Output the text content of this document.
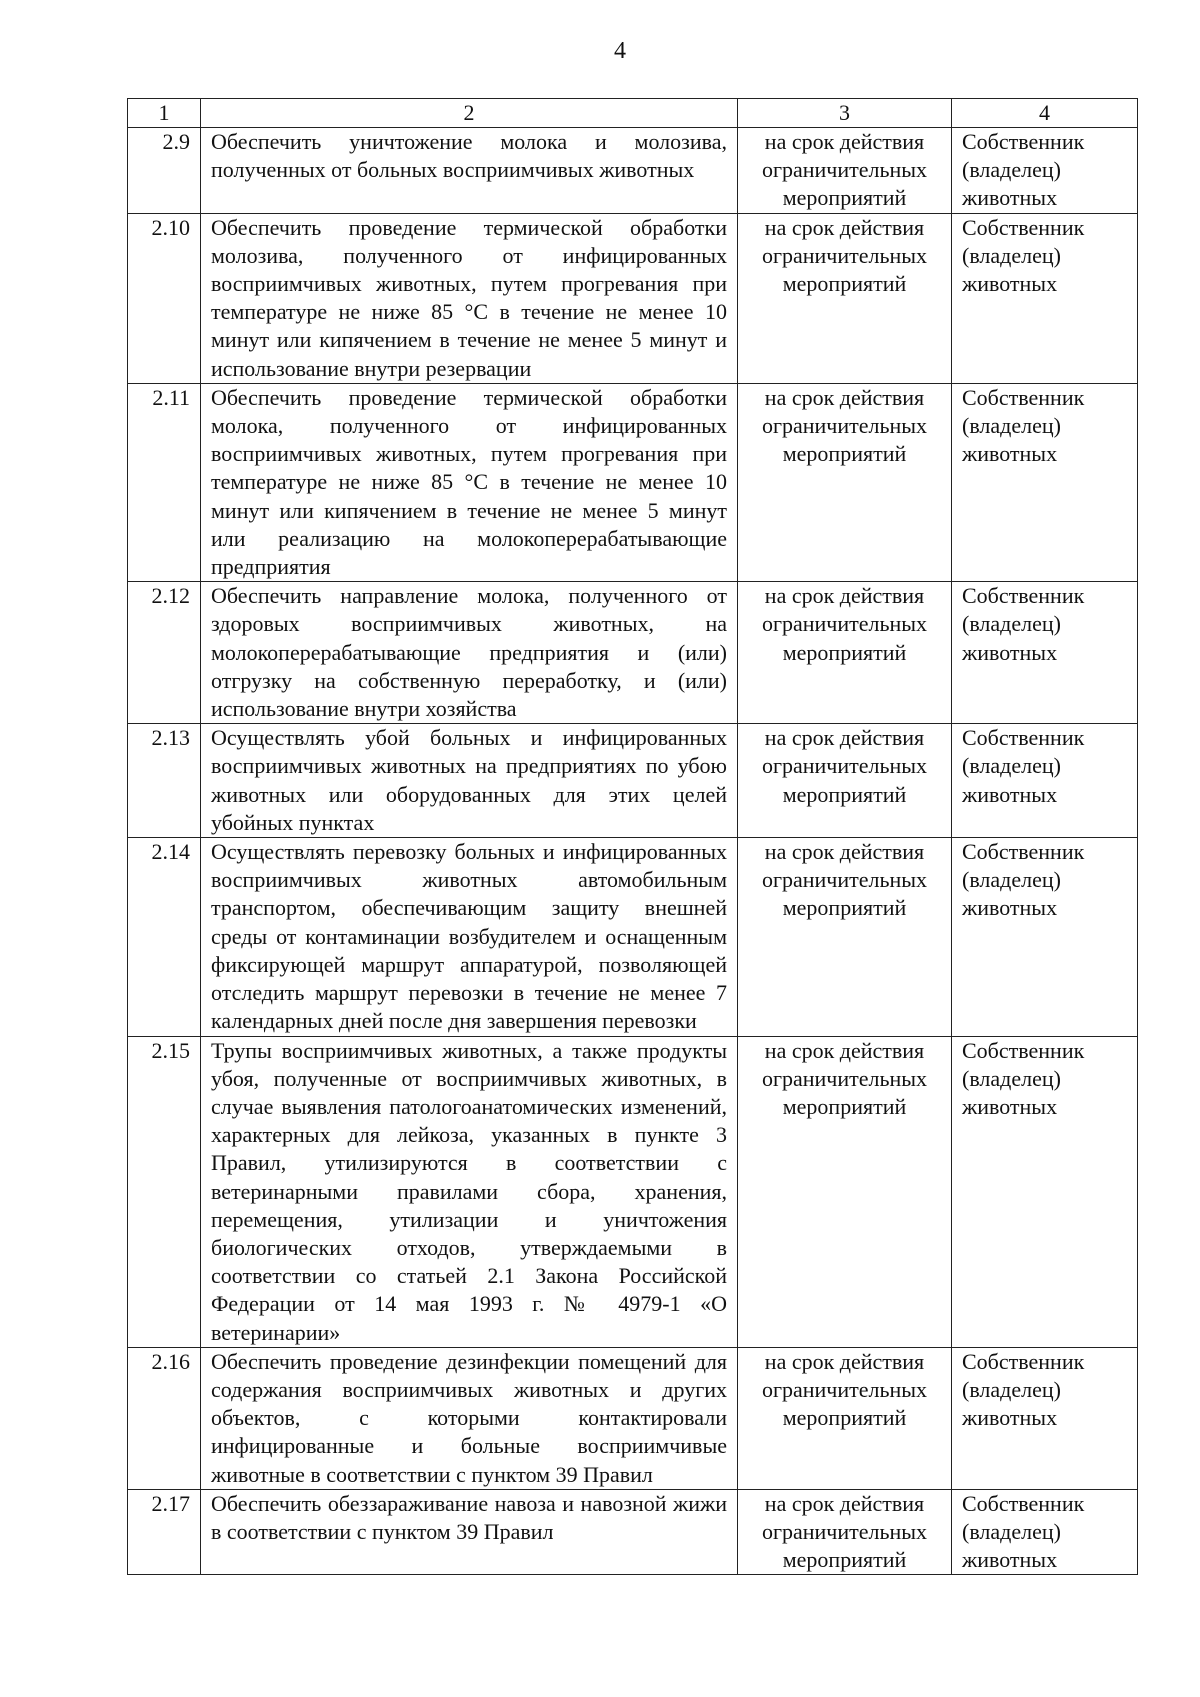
4
1	2	3	4
2.9	Обеспечить уничтожение молока и молозива, полученных от больных восприимчивых животных	на срок действия ограничительных мероприятий	Собственник (владелец) животных
2.10	Обеспечить проведение термической обработки молозива, полученного от инфицированных восприимчивых животных, путем прогревания при температуре не ниже 85 °С в течение не менее 10 минут или кипячением в течение не менее 5 минут и использование внутри резервации	на срок действия ограничительных мероприятий	Собственник (владелец) животных
2.11	Обеспечить проведение термической обработки молока, полученного от инфицированных восприимчивых животных, путем прогревания при температуре не ниже 85 °С в течение не менее 10 минут или кипячением в течение не менее 5 минут или реализацию на молокоперерабатывающие предприятия	на срок действия ограничительных мероприятий	Собственник (владелец) животных
2.12	Обеспечить направление молока, полученного от здоровых восприимчивых животных, на молокоперерабатывающие предприятия и (или) отгрузку на собственную переработку, и (или) использование внутри хозяйства	на срок действия ограничительных мероприятий	Собственник (владелец) животных
2.13	Осуществлять убой больных и инфицированных восприимчивых животных на предприятиях по убою животных или оборудованных для этих целей убойных пунктах	на срок действия ограничительных мероприятий	Собственник (владелец) животных
2.14	Осуществлять перевозку больных и инфицированных восприимчивых животных автомобильным транспортом, обеспечивающим защиту внешней среды от контаминации возбудителем и оснащенным фиксирующей маршрут аппаратурой, позволяющей отследить маршрут перевозки в течение не менее 7 календарных дней после дня завершения перевозки	на срок действия ограничительных мероприятий	Собственник (владелец) животных
2.15	Трупы восприимчивых животных, а также продукты убоя, полученные от восприимчивых животных, в случае выявления патологоанатомических изменений, характерных для лейкоза, указанных в пункте 3 Правил, утилизируются в соответствии с ветеринарными правилами сбора, хранения, перемещения, утилизации и уничтожения биологических отходов, утверждаемыми в соответствии со статьей 2.1 Закона Российской Федерации от 14 мая 1993 г. № 4979-1 «О ветеринарии»	на срок действия ограничительных мероприятий	Собственник (владелец) животных
2.16	Обеспечить проведение дезинфекции помещений для содержания восприимчивых животных и других объектов, с которыми контактировали инфицированные и больные восприимчивые животные в соответствии с пунктом 39 Правил	на срок действия ограничительных мероприятий	Собственник (владелец) животных
2.17	Обеспечить обеззараживание навоза и навозной жижи в соответствии с пунктом 39 Правил	на срок действия ограничительных мероприятий	Собственник (владелец) животных
